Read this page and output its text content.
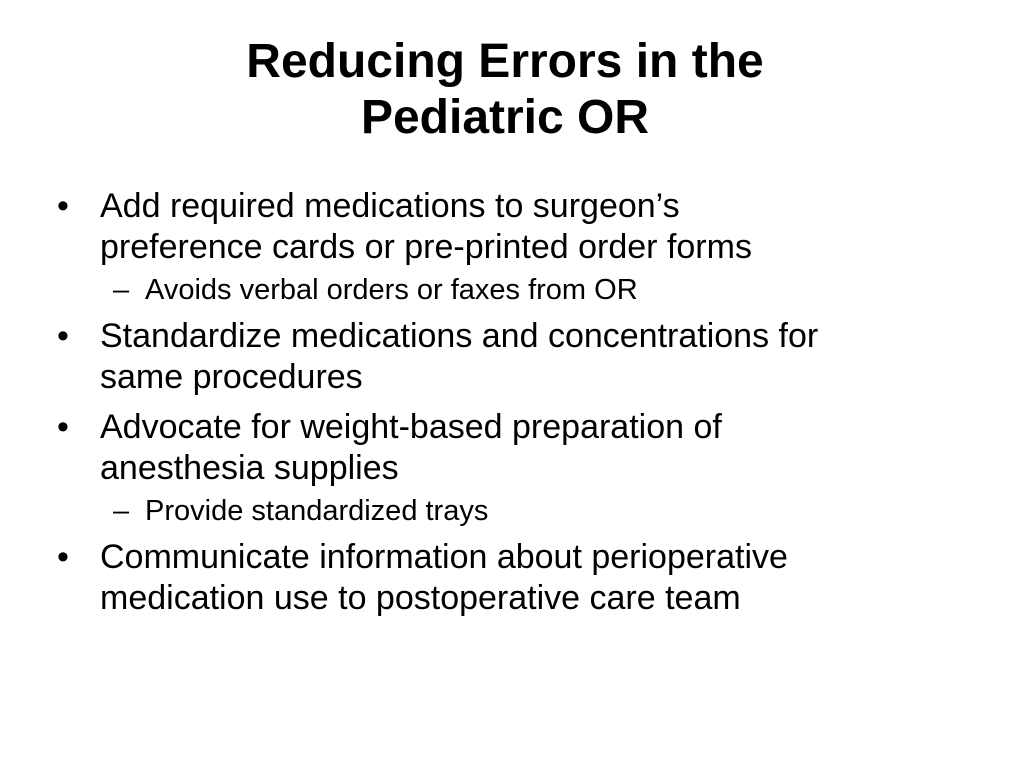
Reducing Errors in the
Pediatric OR
• Add required medications to surgeon’s
preference cards or pre-printed order forms
– Avoids verbal orders or faxes from OR
• Standardize medications and concentrations for
same procedures
• Advocate for weight-based preparation of
anesthesia supplies
– Provide standardized trays
• Communicate information about perioperative
medication use to postoperative care team
